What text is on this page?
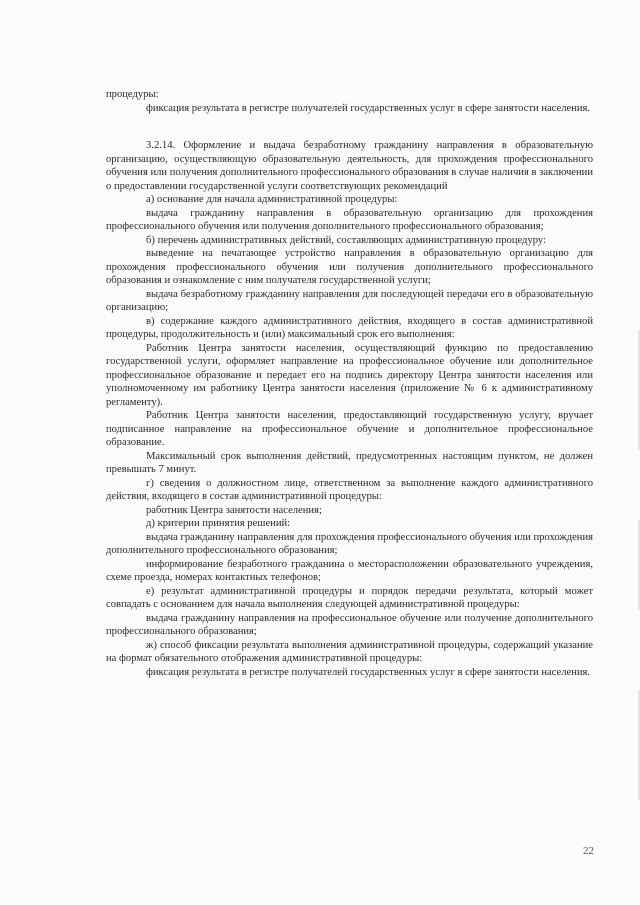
процедуры:

фиксация результата в регистре получателей государственных услуг в сфере занятости населения.

3.2.14. Оформление и выдача безработному гражданину направления в образовательную организацию, осуществляющую образовательную деятельность, для прохождения профессионального обучения или получения дополнительного профессионального образования в случае наличия в заключении о предоставлении государственной услуги соответствующих рекомендаций

а) основание для начала административной процедуры:

выдача гражданину направления в образовательную организацию для прохождения профессионального обучения или получения дополнительного профессионального образования;

б) перечень административных действий, составляющих административную процедуру:

выведение на печатающее устройство направления в образовательную организацию для прохождения профессионального обучения или получения дополнительного профессионального образования и ознакомление с ним получателя государственной услуги;

выдача безработному гражданину направления для последующей передачи его в образовательную организацию;

в) содержание каждого административного действия, входящего в состав административной процедуры, продолжительность и (или) максимальный срок его выполнения:

Работник Центра занятости населения, осуществляющий функцию по предоставлению государственной услуги, оформляет направление на профессиональное обучение или дополнительное профессиональное образование и передает его на подпись директору Центра занятости населения или уполномоченному им работнику Центра занятости населения (приложение № 6 к административному регламенту).

Работник Центра занятости населения, предоставляющий государственную услугу, вручает подписанное направление на профессиональное обучение и дополнительное профессиональное образование.

Максимальный срок выполнения действий, предусмотренных настоящим пунктом, не должен превышать 7 минут.

г) сведения о должностном лице, ответственном за выполнение каждого административного действия, входящего в состав административной процедуры:

работник Центра занятости населения;

д) критерии принятия решений:

выдача гражданину направления для прохождения профессионального обучения или прохождения дополнительного профессионального образования;

информирование безработного гражданина о месторасположении образовательного учреждения, схеме проезда, номерах контактных телефонов;

е) результат административной процедуры и порядок передачи результата, который может совпадать с основанием для начала выполнения следующей административной процедуры:

выдача гражданину направления на профессиональное обучение или получение дополнительного профессионального образования;

ж) способ фиксации результата выполнения административной процедуры, содержащий указание на формат обязательного отображения административной процедуры:

фиксация результата в регистре получателей государственных услуг в сфере занятости населения.

22
